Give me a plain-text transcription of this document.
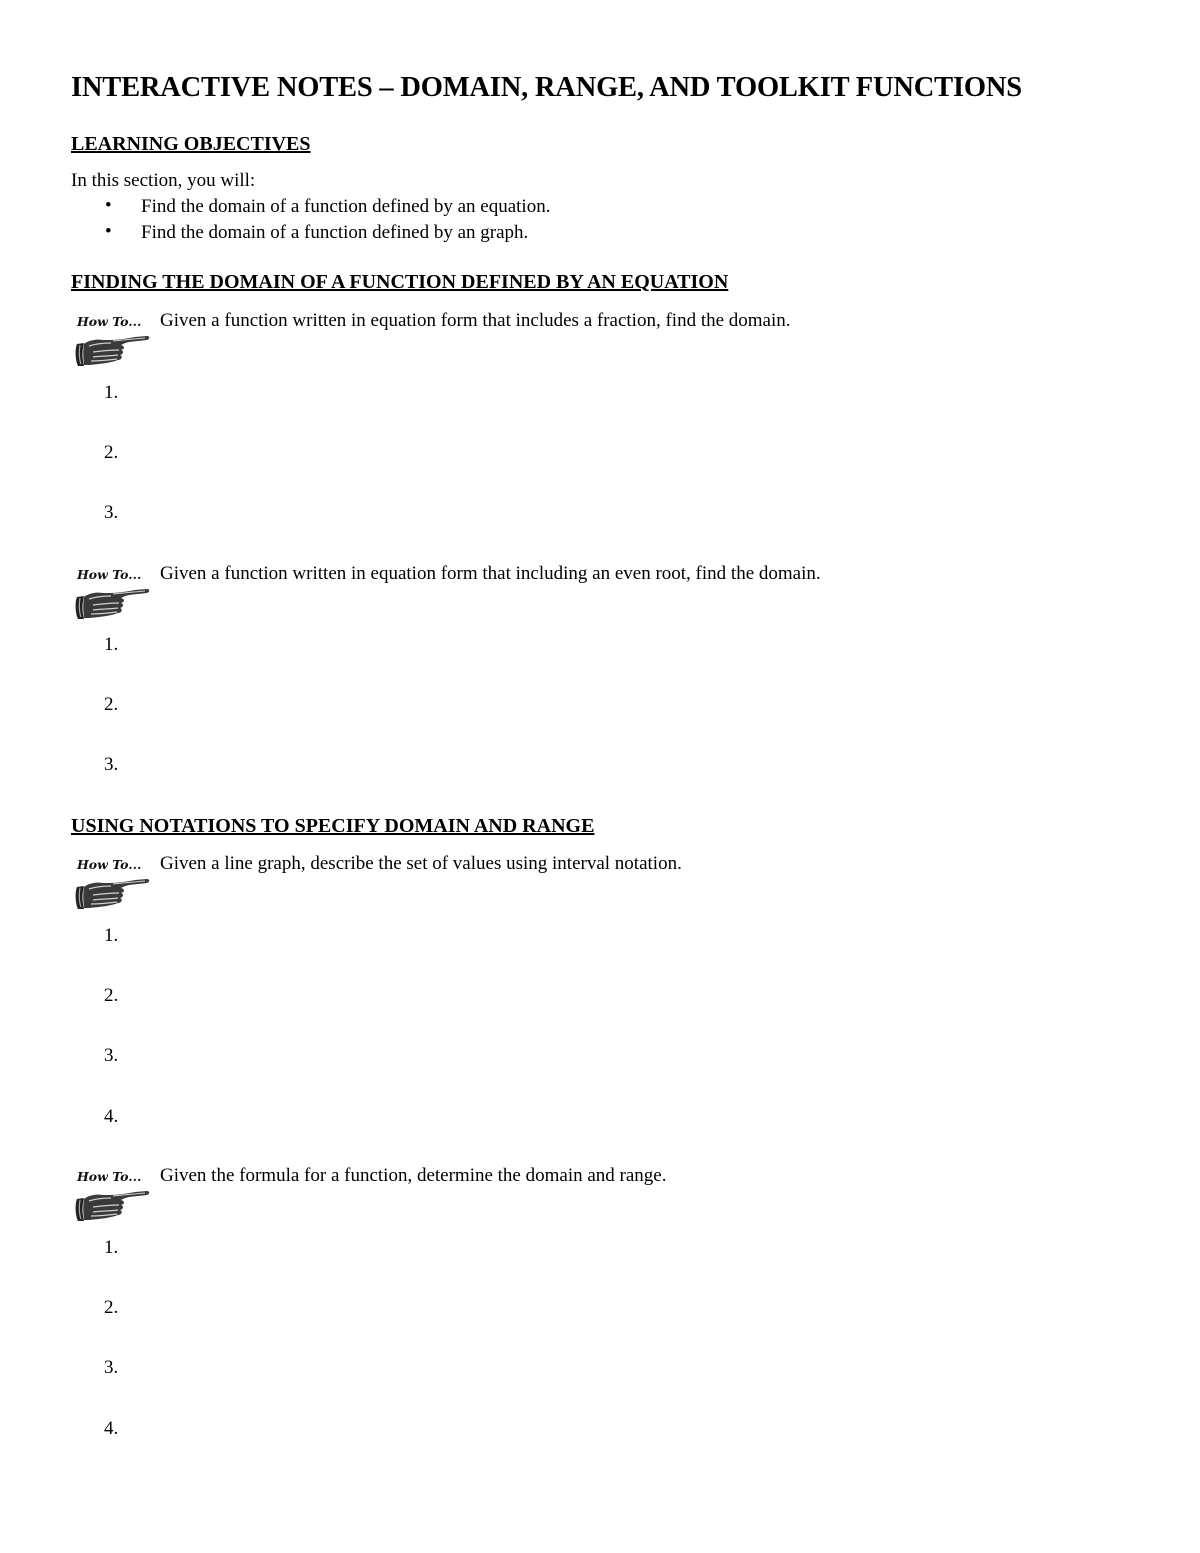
INTERACTIVE NOTES – DOMAIN, RANGE, AND TOOLKIT FUNCTIONS
LEARNING OBJECTIVES
In this section, you will:
• Find the domain of a function defined by an equation.
• Find the domain of a function defined by an graph.
FINDING THE DOMAIN OF A FUNCTION DEFINED BY AN EQUATION
How To... Given a function written in equation form that includes a fraction, find the domain.
1.
2.
3.
How To... Given a function written in equation form that including an even root, find the domain.
1.
2.
3.
USING NOTATIONS TO SPECIFY DOMAIN AND RANGE
How To... Given a line graph, describe the set of values using interval notation.
1.
2.
3.
4.
How To... Given the formula for a function, determine the domain and range.
1.
2.
3.
4.
